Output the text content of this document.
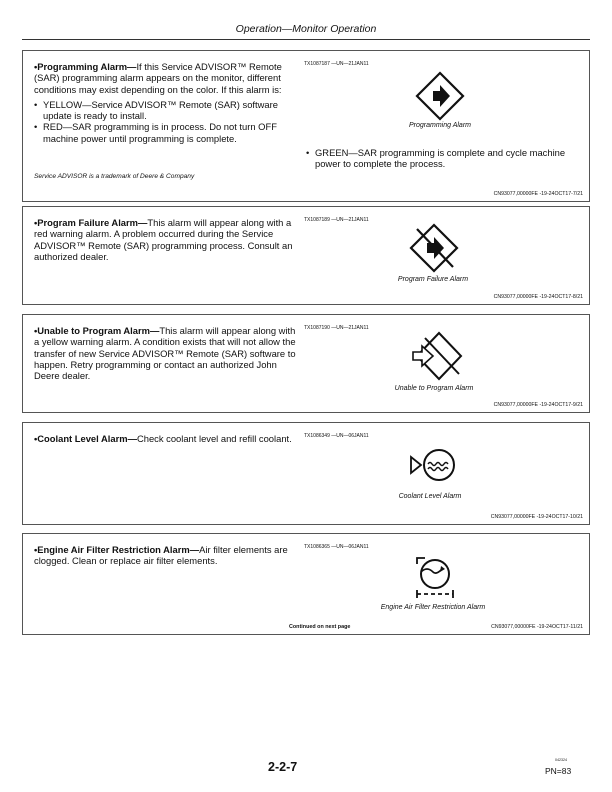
Operation—Monitor Operation
•Programming Alarm—If this Service ADVISOR™ Remote (SAR) programming alarm appears on the monitor, different conditions may exist depending on the color. If this alarm is:
• YELLOW—Service ADVISOR™ Remote (SAR) software update is ready to install.
• RED—SAR programming is in process. Do not turn OFF machine power until programming is complete.
Service ADVISOR is a trademark of Deere & Company
TX1087187 —UN—21JAN11
Programming Alarm
• GREEN—SAR programming is complete and cycle machine power to complete the process.
CN93077,00000FE -19-24OCT17-7/21
•Program Failure Alarm—This alarm will appear along with a red warning alarm. A problem occurred during the Service ADVISOR™ Remote (SAR) programming process. Consult an authorized dealer.
TX1087189 —UN—21JAN11
Program Failure Alarm
CN93077,00000FE -19-24OCT17-8/21
•Unable to Program Alarm—This alarm will appear along with a yellow warning alarm. A condition exists that will not allow the transfer of new Service ADVISOR™ Remote (SAR) software to happen. Retry programming or contact an authorized John Deere dealer.
TX1087190 —UN—21JAN11
Unable to Program Alarm
CN93077,00000FE -19-24OCT17-9/21
•Coolant Level Alarm—Check coolant level and refill coolant.	TX1086349 —UN—06JAN11
Coolant Level Alarm
CN93077,00000FE -19-24OCT17-10/21
•Engine Air Filter Restriction Alarm—Air filter elements are clogged. Clean or replace air filter elements.
TX1086365 —UN—06JAN11
Engine Air Filter Restriction Alarm
Continued on next page	CN93077,00000FE -19-24OCT17-11/21
2-2-7	042324
PN=83
